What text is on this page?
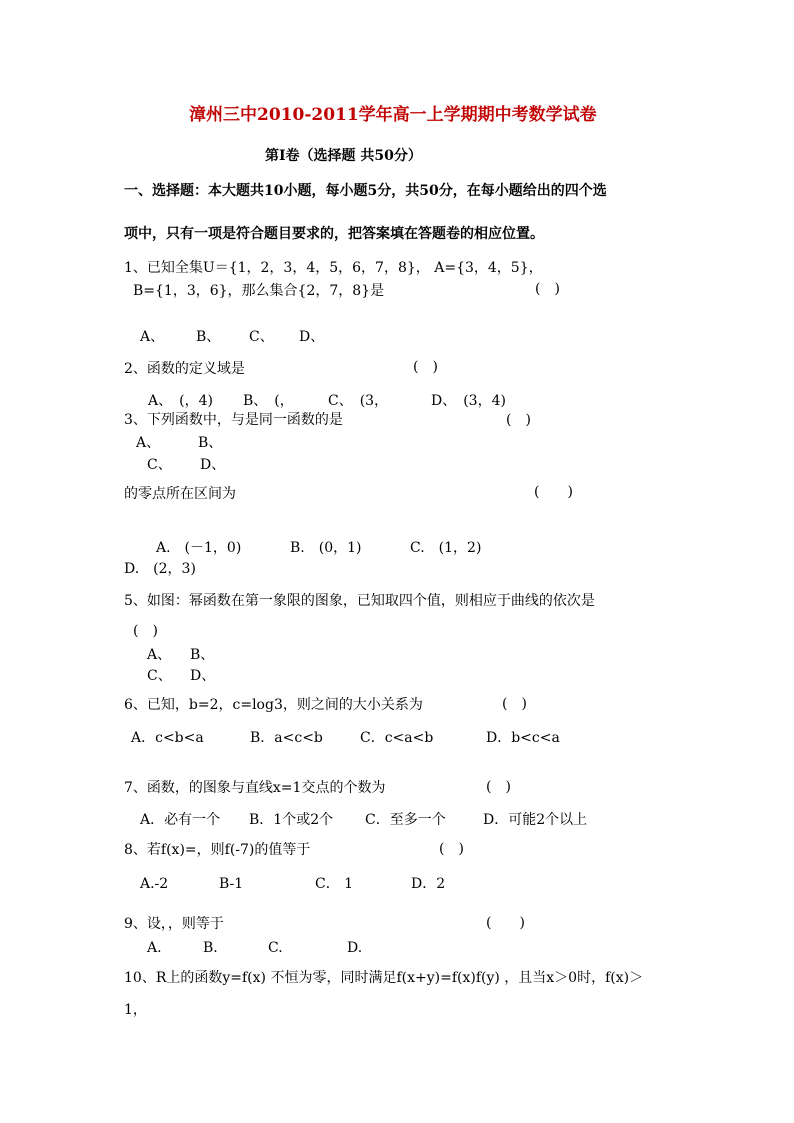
漳州三中2010-2011学年高一上学期期中考数学试卷
第Ⅰ卷（选择题 共50分）
一、选择题：本大题共10小题，每小题5分，共50分，在每小题给出的四个选
项中，只有一项是符合题目要求的，把答案填在答题卷的相应位置。
1、已知全集U＝{1，2，3，4，5，6，7，8}， A={3，4，5}，
B={1，3，6}，那么集合{2，7，8}是	(　)
A、 B、 C、 D、
2、函数的定义域是	(　)
A、　(，4) B、　(， C、　(3，	D、　(3，4)
3、下列函数中，与是同一函数的是	(　)
A、	B、
C、 D、
的零点所在区间为	(　　)
A.　(－1，0)	B.　(0，1)	C.　(1，2)
D.　(2，3)
5、如图：幂函数在第一象限的图象，已知取四个值，则相应于曲线的依次是
(　)
A、 B、
C、 D、
6、已知，b=2，c=log3，则之间的大小关系为	(　)
A．c<b<a	B．a<c<b	C．c<a<b	D．b<c<a
7、函数，的图象与直线x=1交点的个数为	(　)
A．必有一个 B．1个或2个 C．至多一个	D．可能2个以上
8、若f(x)=，则f(-7)的值等于	(　)
A.-2	B-1	C． 1	D．2
9、设，，则等于	(　　)
A.	B.	C.	D.
10、R上的函数y=f(x) 不恒为零，同时满足f(x+y)=f(x)f(y) ，且当x＞0时，f(x)＞
1，
